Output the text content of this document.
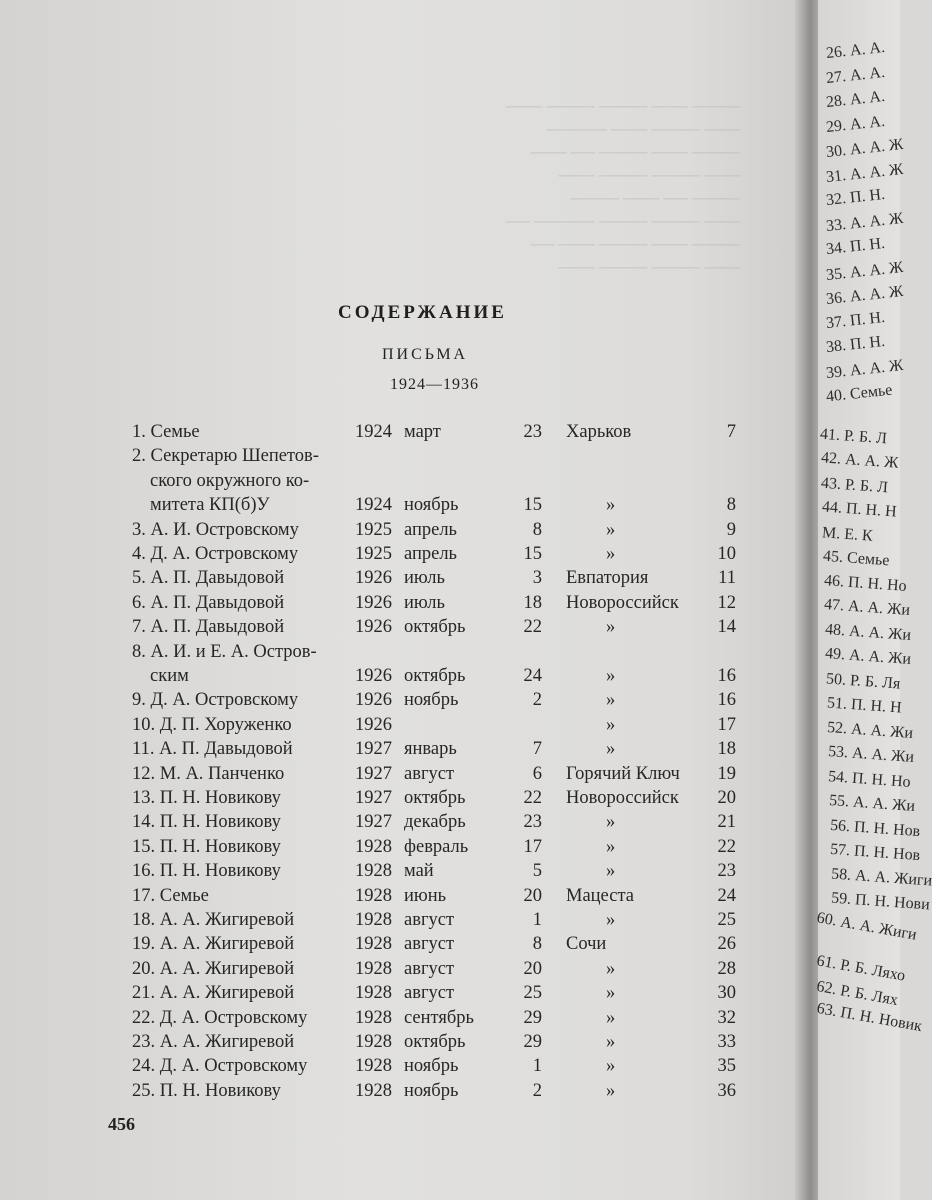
26. А. А.
27. А. А.
28. А. А.
29. А. А.
30. А. А. Ж
31. А. А. Ж
32. П. Н.
33. А. А. Ж
34. П. Н.
35. А. А. Ж
36. А. А. Ж
37. П. Н.
38. П. Н.
39. А. А. Ж
40. Семье
41. Р. Б. Л
42. А. А. Ж
43. Р. Б. Л
44. П. Н. Н
М. Е. К
45. Семье
46. П. Н. Но
47. А. А. Жи
48. А. А. Жи
49. А. А. Жи
50. Р. Б. Ля
51. П. Н. Н
52. А. А. Жи
53. А. А. Жи
54. П. Н. Но
55. А. А. Жи
56. П. Н. Нов
57. П. Н. Нов
58. А. А. Жиги
59. П. Н. Нови
60. А. А. Жиги
61. Р. Б. Ляхо
62. Р. Б. Лях
63. П. Н. Новик
──── ─── ──── ──── ───
─── ──── ─── ─────
──── ─── ──── ── ───
─── ──── ──── ───
──── ── ─── ────
─── ──── ──── ───── ──
──── ─── ──── ─── ──
─── ──── ──── ───
СОДЕРЖАНИЕ
ПИСЬМА
1924—1936
1. Семье	1924 март	23 Харьков	7
2. Секретарю Шепетов-
ского окружного ко-
митета КП(б)У	1924 ноябрь	15	»	8
3. А. И. Островскому	1925 апрель	8	»	9
4. Д. А. Островскому	1925 апрель	15	»	10
5. А. П. Давыдовой	1926 июль	3 Евпатория	11
6. А. П. Давыдовой	1926 июль	18 Новороссийск	12
7. А. П. Давыдовой	1926 октябрь	22	»	14
8. А. И. и Е. А. Остров-
ским	1926 октябрь	24	»	16
9. Д. А. Островскому	1926 ноябрь	2	»	16
10. Д. П. Хоруженко	1926	»	17
11. А. П. Давыдовой	1927 январь	7	»	18
12. М. А. Панченко	1927 август	6 Горячий Ключ	19
13. П. Н. Новикову	1927 октябрь	22 Новороссийск	20
14. П. Н. Новикову	1927 декабрь	23	»	21
15. П. Н. Новикову	1928 февраль	17	»	22
16. П. Н. Новикову	1928 май	5	»	23
17. Семье	1928 июнь	20 Мацеста	24
18. А. А. Жигиревой	1928 август	1	»	25
19. А. А. Жигиревой	1928 август	8 Сочи	26
20. А. А. Жигиревой	1928 август	20	»	28
21. А. А. Жигиревой	1928 август	25	»	30
22. Д. А. Островскому	1928 сентябрь	29	»	32
23. А. А. Жигиревой	1928 октябрь	29	»	33
24. Д. А. Островскому	1928 ноябрь	1	»	35
25. П. Н. Новикову	1928 ноябрь	2	»	36
456
